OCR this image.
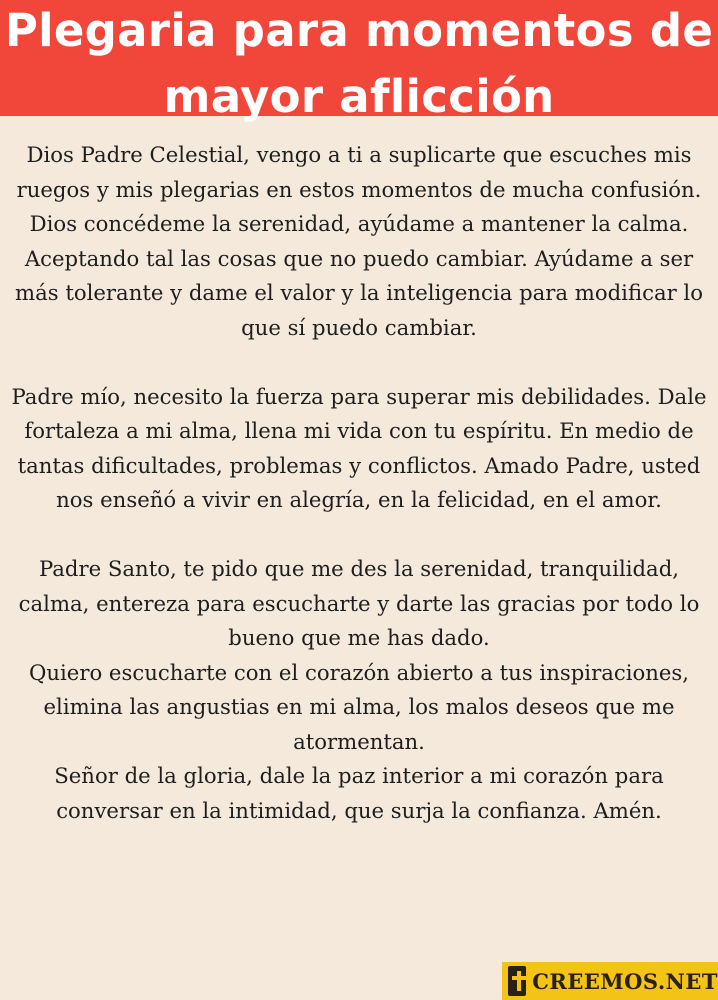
Plegaria para momentos de
mayor aflicción

Dios Padre Celestial, vengo a ti a suplicarte que escuches mis ruegos y mis plegarias en estos momentos de mucha confusión.

Dios concédeme la serenidad, ayúdame a mantener la calma. Aceptando tal las cosas que no puedo cambiar. Ayúdame a ser más tolerante y dame el valor y la inteligencia para modificar lo que sí puedo cambiar.

Padre mío, necesito la fuerza para superar mis debilidades. Dale fortaleza a mi alma, llena mi vida con tu espíritu. En medio de tantas dificultades, problemas y conflictos. Amado Padre, usted nos enseñó a vivir en alegría, en la felicidad, en el amor.

Padre Santo, te pido que me des la serenidad, tranquilidad, calma, entereza para escucharte y darte las gracias por todo lo bueno que me has dado.

Quiero escucharte con el corazón abierto a tus inspiraciones, elimina las angustias en mi alma, los malos deseos que me atormentan.

Señor de la gloria, dale la paz interior a mi corazón para conversar en la intimidad, que surja la confianza. Amén.

CREEMOS.NET
